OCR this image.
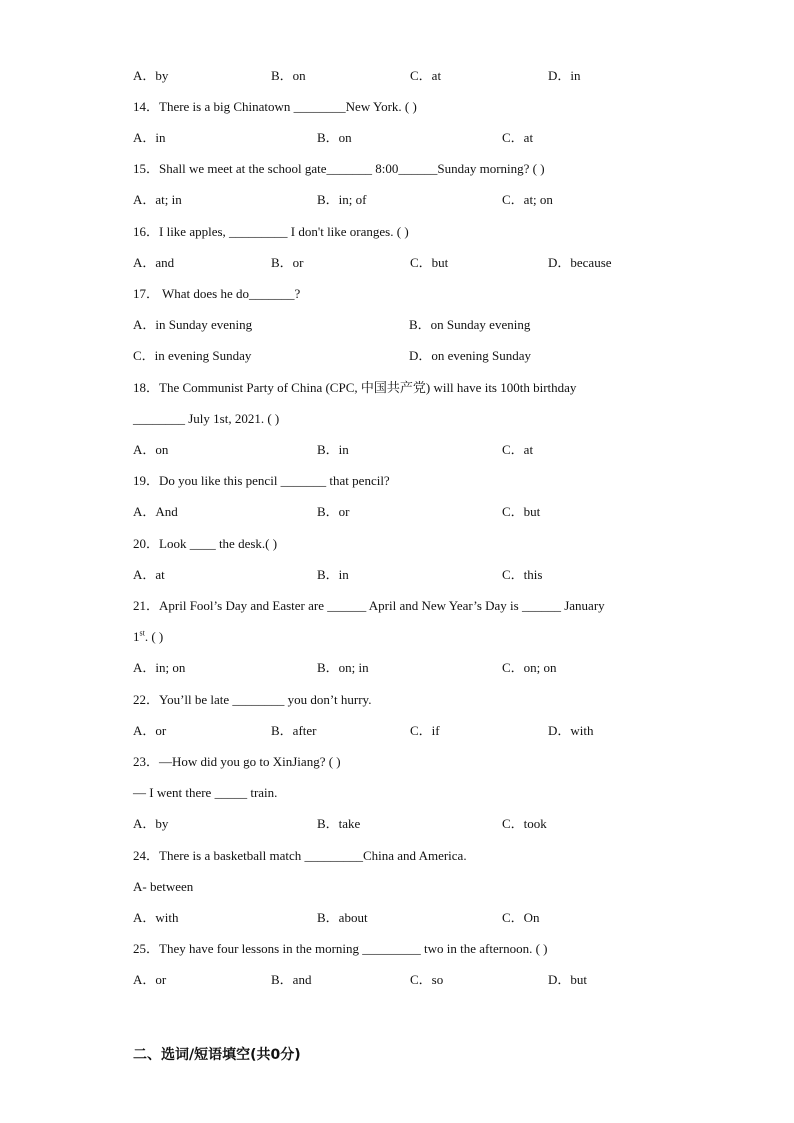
A．by	B．on	C．at	D．in
14．There is a big Chinatown ________New York. ( )
A．in	B．on	C．at
15．Shall we meet at the school gate_______ 8:00______Sunday morning? ( )
A．at; in	B．in; of	C．at; on
16．I like apples, _________ I don't like oranges. ( )
A．and	B．or	C．but	D．because
17． What does he do_______?
A．in Sunday evening	B．on Sunday evening
C．in evening Sunday	D．on evening Sunday
18．The Communist Party of China (CPC, 中国共产党) will have its 100th birthday
________ July 1st, 2021. ( )
A．on	B．in	C．at
19．Do you like this pencil _______ that pencil?
A．And	B．or	C．but
20．Look ____ the desk.( )
A．at	B．in	C．this
21．April Fool’s Day and Easter are ______ April and New Year’s Day is ______ January
1st. ( )
A．in; on	B．on; in	C．on; on
22．You’ll be late ________ you don’t hurry.
A．or	B．after	C．if	D．with
23．—How did you go to XinJiang? ( )
— I went there _____ train.
A．by	B．take	C．took
24．There is a basketball match _________China and America.
A- between
A．with	B．about	C．On
25．They have four lessons in the morning _________ two in the afternoon. ( )
A．or	B．and	C．so	D．but
二、选词/短语填空(共0分)
